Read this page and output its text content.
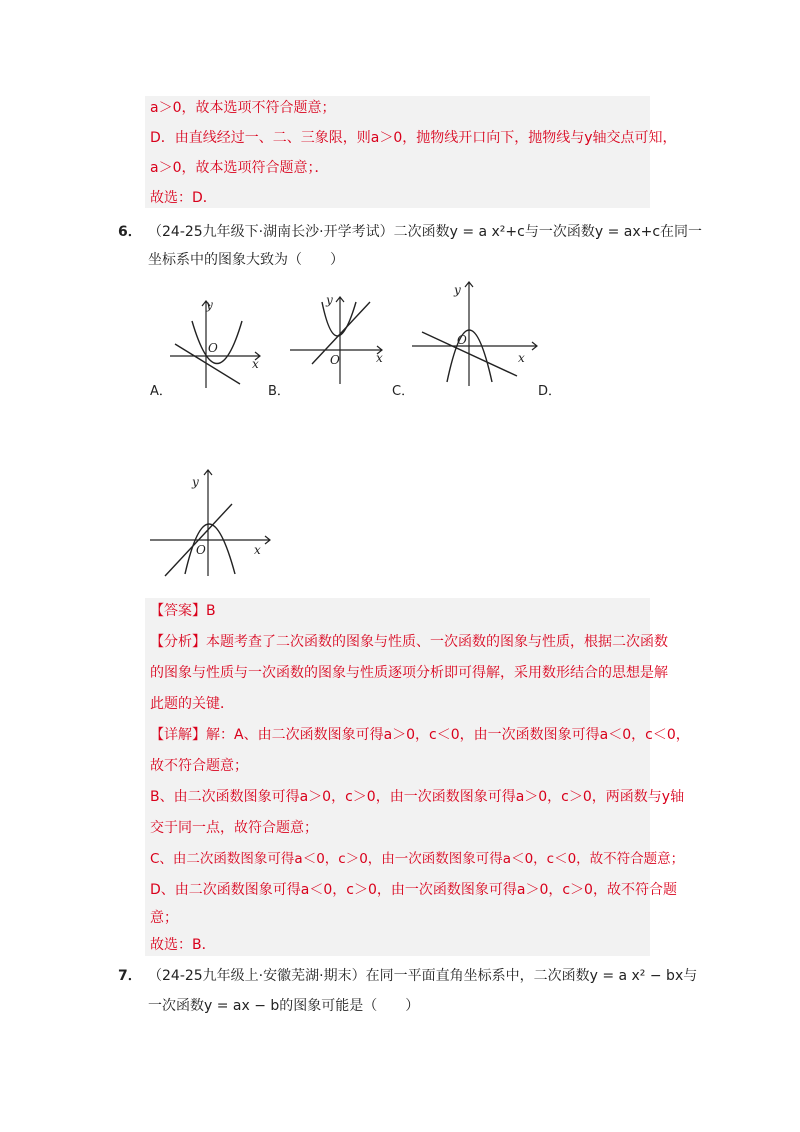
a＞0，故本选项不符合题意；
D．由直线经过一、二、三象限，则a＞0，抛物线开口向下，抛物线与y轴交点可知，
a＞0，故本选项符合题意；．
故选：D．
6． （24-25九年级下·湖南长沙·开学考试）二次函数y = a x²+c与一次函数y = ax+c在同一
坐标系中的图象大致为（　　）
y
x
O
A．
y
x
O
B．
y
x
O
C．	D．
y
x
O
【答案】B
【分析】本题考查了二次函数的图象与性质、一次函数的图象与性质，根据二次函数
的图象与性质与一次函数的图象与性质逐项分析即可得解，采用数形结合的思想是解
此题的关键．
【详解】解：A、由二次函数图象可得a＞0，c＜0，由一次函数图象可得a＜0，c＜0，
故不符合题意；
B、由二次函数图象可得a＞0，c＞0，由一次函数图象可得a＞0，c＞0，两函数与y轴
交于同一点，故符合题意；
C、由二次函数图象可得a＜0，c＞0，由一次函数图象可得a＜0，c＜0，故不符合题意；
D、由二次函数图象可得a＜0，c＞0，由一次函数图象可得a＞0，c＞0，故不符合题
意；
故选：B．
7． （24-25九年级上·安徽芜湖·期末）在同一平面直角坐标系中，二次函数y = a x² − bx与
一次函数y = ax − b的图象可能是（　　）
